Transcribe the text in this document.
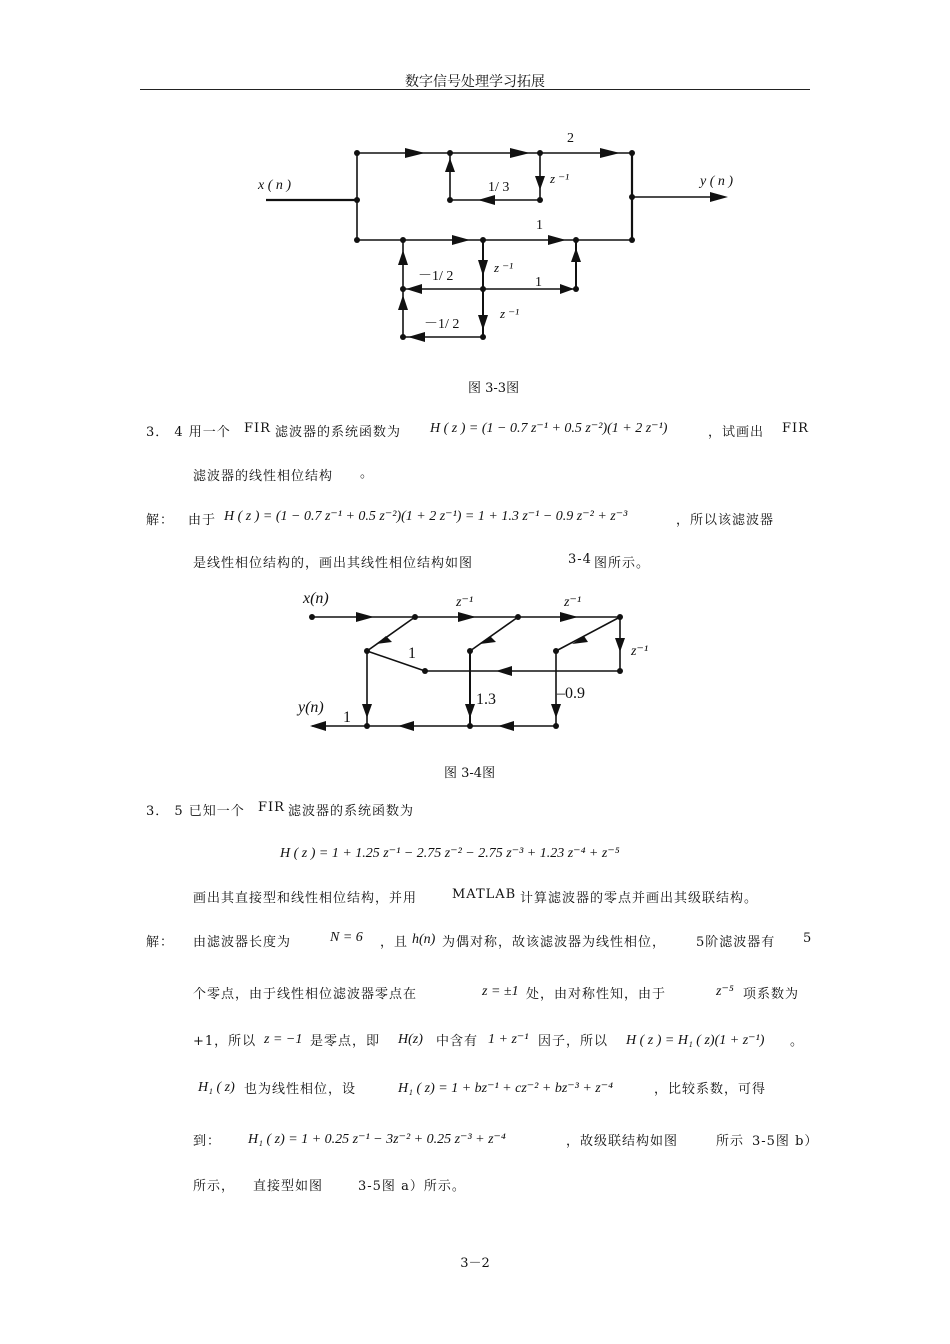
数字信号处理学习拓展
x ( n )	y ( n )
2
1/ 3
z ⁻¹
1
－1/ 2
z ⁻¹
1
－1/ 2
z ⁻¹
图 3-3图
3． 4 用一个 FIR 滤波器的系统函数为 H ( z ) = (1 − 0.7 z⁻¹ + 0.5 z⁻²)(1 + 2 z⁻¹)	，试画出 FIR
滤波器的线性相位结构 。
解： 由于 H ( z ) = (1 − 0.7 z⁻¹ + 0.5 z⁻²)(1 + 2 z⁻¹) = 1 + 1.3 z⁻¹ − 0.9 z⁻² + z⁻³	，所以该滤波器
是线性相位结构的，画出其线性相位结构如图	3-4 图所示。
x(n)	z⁻¹	z⁻¹
z⁻¹
1
1.3	–0.9
y(n)
1
图 3-4图
3． 5 已知一个 FIR 滤波器的系统函数为
H ( z ) = 1 + 1.25 z⁻¹ − 2.75 z⁻² − 2.75 z⁻³ + 1.23 z⁻⁴ + z⁻⁵
画出其直接型和线性相位结构，并用	MATLAB 计算滤波器的零点并画出其级联结构。
解： 由滤波器长度为	N = 6 ，且 h(n) 为偶对称，故该滤波器为线性相位， 5阶滤波器有 5
个零点，由于线性相位滤波器零点在	z = ±1 处，由对称性知，由于	z⁻⁵ 项系数为
+1，所以 z = −1 是零点，即 H(z) 中含有 1 + z⁻¹ 因子，所以 H ( z ) = H₁ ( z)(1 + z⁻¹) 。
H₁ ( z) 也为线性相位，设	H₁ ( z) = 1 + bz⁻¹ + cz⁻² + bz⁻³ + z⁻⁴	，比较系数，可得
到： H₁ ( z) = 1 + 0.25 z⁻¹ − 3z⁻² + 0.25 z⁻³ + z⁻⁴	，故级联结构如图	所示 3-5图 b）
所示， 直接型如图	3-5图 a）所示。
3－2
